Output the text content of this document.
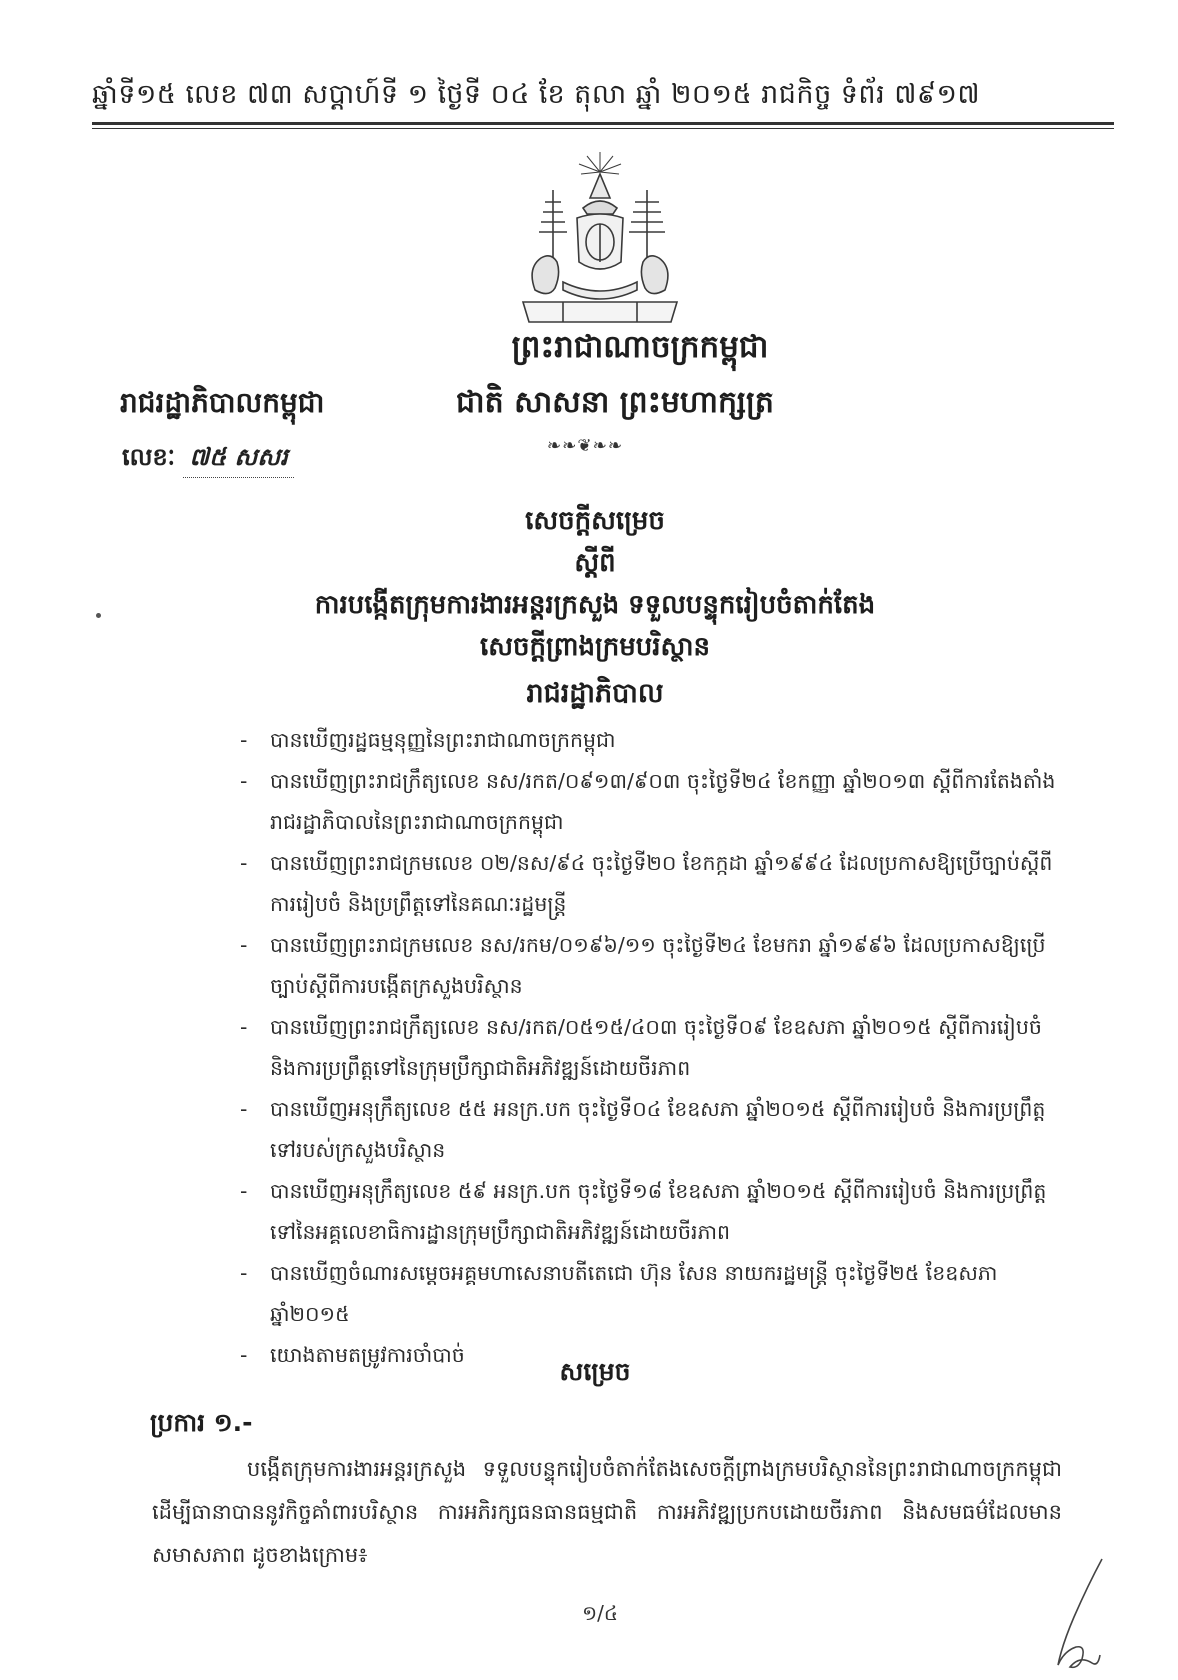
ឆ្នាំទី១៥ លេខ ៧៣ សប្ដាហ៍ទី ១ ថ្ងៃទី ០៤ ខែ តុលា ឆ្នាំ ២០១៥ រាជកិច្ច ទំព័រ ៧៩១៧
ព្រះរាជាណាចក្រកម្ពុជា
រាជរដ្ឋាភិបាលកម្ពុជា	ជាតិ សាសនា ព្រះមហាក្សត្រ
❧❧❦❧❧
លេខៈ ៧៥ សសរ
សេចក្ដីសម្រេច
ស្ដីពី
ការបង្កើតក្រុមការងារអន្តរក្រសួង ទទួលបន្ទុករៀបចំតាក់តែង
សេចក្ដីព្រាងក្រមបរិស្ថាន
រាជរដ្ឋាភិបាល
- បានឃើញរដ្ឋធម្មនុញ្ញនៃព្រះរាជាណាចក្រកម្ពុជា
- បានឃើញព្រះរាជក្រឹត្យលេខ នស/រកត/០៩១៣/៩០៣ ចុះថ្ងៃទី២៤ ខែកញ្ញា ឆ្នាំ២០១៣ ស្ដីពីការតែងតាំងរាជរដ្ឋាភិបាលនៃព្រះរាជាណាចក្រកម្ពុជា
- បានឃើញព្រះរាជក្រមលេខ ០២/នស/៩៤ ចុះថ្ងៃទី២០ ខែកក្កដា ឆ្នាំ១៩៩៤ ដែលប្រកាសឱ្យប្រើច្បាប់ស្ដីពីការរៀបចំ និងប្រព្រឹត្តទៅនៃគណៈរដ្ឋមន្ត្រី
- បានឃើញព្រះរាជក្រមលេខ នស/រកម/០១៩៦/១១ ចុះថ្ងៃទី២៤ ខែមករា ឆ្នាំ១៩៩៦ ដែលប្រកាសឱ្យប្រើច្បាប់ស្ដីពីការបង្កើតក្រសួងបរិស្ថាន
- បានឃើញព្រះរាជក្រឹត្យលេខ នស/រកត/០៥១៥/៤០៣ ចុះថ្ងៃទី០៩ ខែឧសភា ឆ្នាំ២០១៥ ស្ដីពីការរៀបចំ និងការប្រព្រឹត្តទៅនៃក្រុមប្រឹក្សាជាតិអភិវឌ្ឍន៍ដោយចីរភាព
- បានឃើញអនុក្រឹត្យលេខ ៥៥ អនក្រ.បក ចុះថ្ងៃទី០៤ ខែឧសភា ឆ្នាំ២០១៥ ស្ដីពីការរៀបចំ និងការប្រព្រឹត្តទៅរបស់ក្រសួងបរិស្ថាន
- បានឃើញអនុក្រឹត្យលេខ ៥៩ អនក្រ.បក ចុះថ្ងៃទី១៨ ខែឧសភា ឆ្នាំ២០១៥ ស្ដីពីការរៀបចំ និងការប្រព្រឹត្តទៅនៃអគ្គលេខាធិការដ្ឋានក្រុមប្រឹក្សាជាតិអភិវឌ្ឍន៍ដោយចីរភាព
- បានឃើញចំណារសម្ដេចអគ្គមហាសេនាបតីតេជោ ហ៊ុន សែន នាយករដ្ឋមន្ត្រី ចុះថ្ងៃទី២៥ ខែឧសភា ឆ្នាំ២០១៥
- យោងតាមតម្រូវការចាំបាច់
សម្រេច
ប្រការ ១.-
បង្កើតក្រុមការងារអន្តរក្រសួង ទទួលបន្ទុករៀបចំតាក់តែងសេចក្ដីព្រាងក្រមបរិស្ថាននៃព្រះរាជាណាចក្រកម្ពុជា ដើម្បីធានាបាននូវកិច្ចគាំពារបរិស្ថាន ការអភិរក្សធនធានធម្មជាតិ ការអភិវឌ្ឍប្រកបដោយចីរភាព និងសមធម៌ដែលមានសមាសភាព ដូចខាងក្រោម៖
១/៤
